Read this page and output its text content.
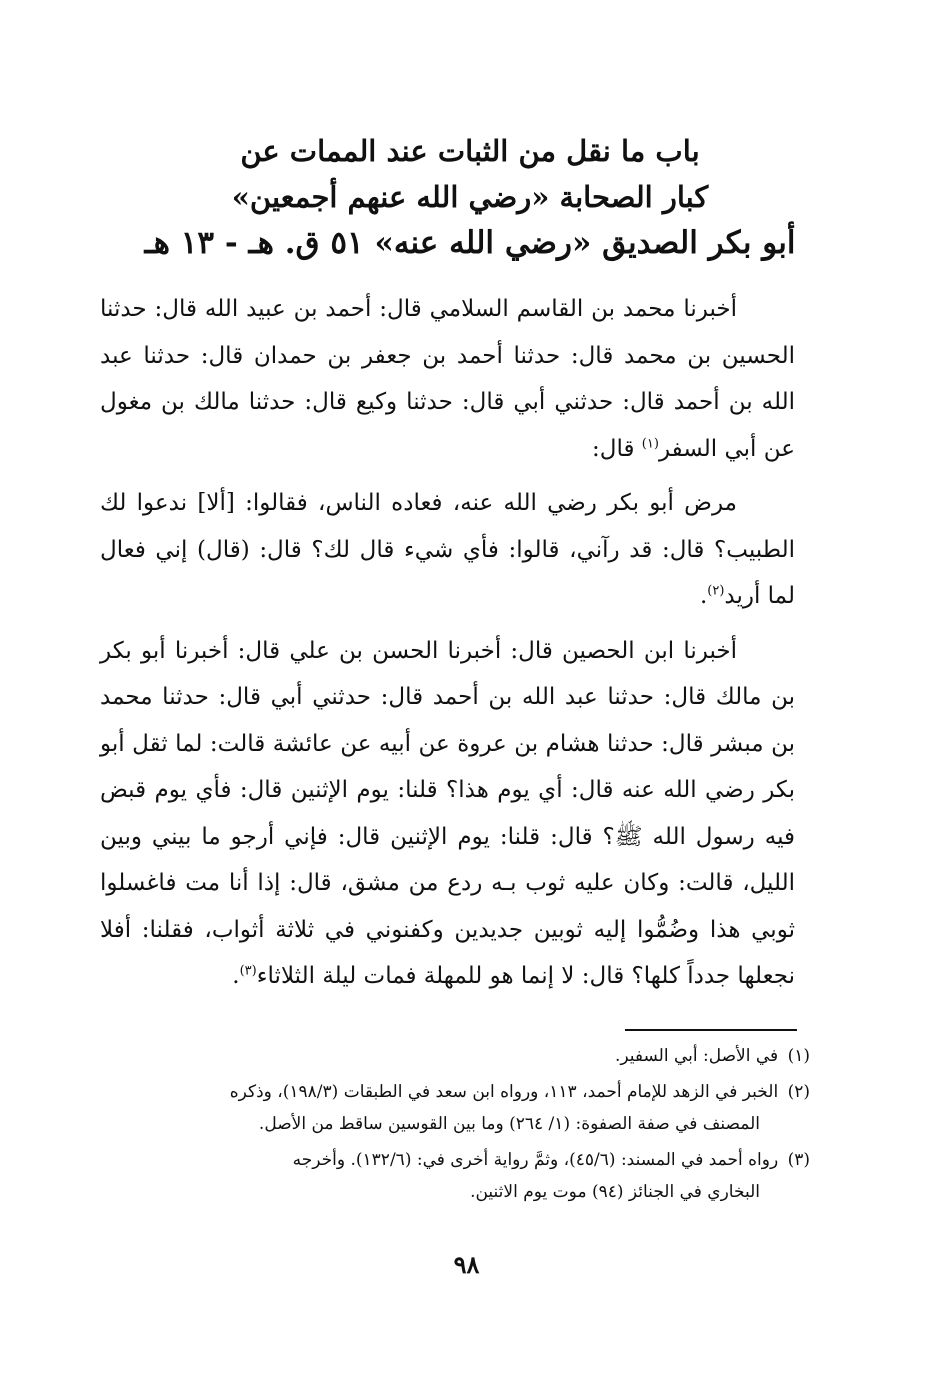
باب ما نقل من الثبات عند الممات عن
كبار الصحابة «رضي الله عنهم أجمعين»
أبو بكر الصديق «رضي الله عنه» ٥١ ق. هـ - ١٣ هـ

أخبرنا محمد بن القاسم السلامي قال: أحمد بن عبيد الله قال: حدثنا الحسين بن محمد قال: حدثنا أحمد بن جعفر بن حمدان قال: حدثنا عبد الله بن أحمد قال: حدثني أبي قال: حدثنا وكيع قال: حدثنا مالك بن مغول عن أبي السفر$^{(١)}$ قال:

مرض أبو بكر رضي الله عنه، فعاده الناس، فقالوا: [ألا] ندعوا لك الطبيب؟ قال: قد رآني، قالوا: فأي شيء قال لك؟ قال: (قال) إني فعال لما أريد$^{(٢)}$.

أخبرنا ابن الحصين قال: أخبرنا الحسن بن علي قال: أخبرنا أبو بكر بن مالك قال: حدثنا عبد الله بن أحمد قال: حدثني أبي قال: حدثنا محمد بن مبشر قال: حدثنا هشام بن عروة عن أبيه عن عائشة قالت: لما ثقل أبو بكر رضي الله عنه قال: أي يوم هذا؟ قلنا: يوم الإثنين قال: فأي يوم قبض فيه رسول الله ﷺ؟ قال: قلنا: يوم الإثنين قال: فإني أرجو ما بيني وبين الليل، قالت: وكان عليه ثوب بـه ردع من مشق، قال: إذا أنا مت فاغسلوا ثوبي هذا وضُمُّوا إليه ثوبين جديدين وكفنوني في ثلاثة أثواب، فقلنا: أفلا نجعلها جدداً كلها؟ قال: لا إنما هو للمهلة فمات ليلة الثلاثاء$^{(٣)}$.

(١) في الأصل: أبي السفير.
(٢) الخبر في الزهد للإمام أحمد، ١١٣، ورواه ابن سعد في الطبقات (١٩٨/٣)، وذكره
المصنف في صفة الصفوة: (١/ ٢٦٤) وما بين القوسين ساقط من الأصل.
(٣) رواه أحمد في المسند: (٤٥/٦)، وثمَّ رواية أخرى في: (١٣٢/٦). وأخرجه
البخاري في الجنائز (٩٤) موت يوم الاثنين.
٩٨
